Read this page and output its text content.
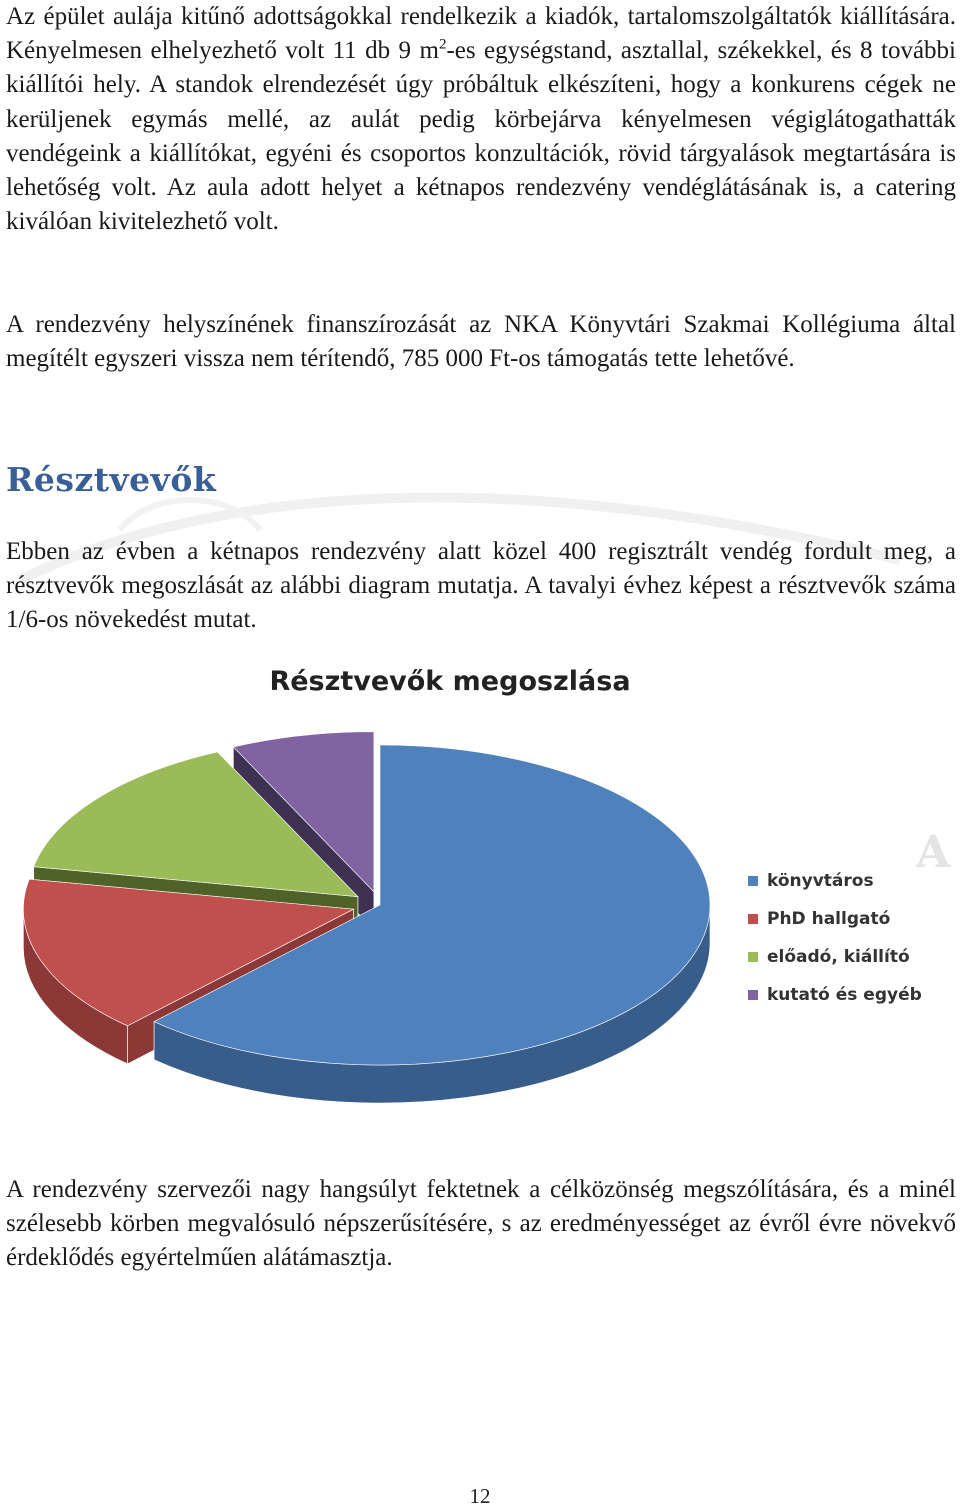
Az épület aulája kitűnő adottságokkal rendelkezik a kiadók, tartalomszolgáltatók kiállítására. Kényelmesen elhelyezhető volt 11 db 9 $m^2-es$ egységstand, asztallal, székekkel, és 8 további kiállítói hely. A standok elrendezését úgy próbáltuk elkészíteni, hogy a konkurens cégek ne kerüljenek egymás mellé, az aulát pedig körbejárva kényelmesen végiglátogathatták vendégeink a kiállítókat, egyéni és csoportos konzultációk, rövid tárgyalások megtartására is lehetőség volt. Az aula adott helyet a kétnapos rendezvény vendéglátásának is, a catering kiválóan kivitelezhető volt.

A rendezvény helyszínének finanszírozását az NKA Könyvtári Szakmai Kollégiuma által megítélt egyszeri vissza nem térítendő, 785 000 Ft-os támogatás tette lehetővé.

Résztvevők

Ebben az évben a kétnapos rendezvény alatt közel 400 regisztrált vendég fordult meg, a résztvevők megoszlását az alábbi diagram mutatja. A tavalyi évhez képest a résztvevők száma 1/6-os növekedést mutat.

Résztvevők megoszlása
könyvtáros
PhD hallgató
előadó, kiállító
kutató és egyéb
A

A rendezvény szervezői nagy hangsúlyt fektetnek a célközönség megszólítására, és a minél szélesebb körben megvalósuló népszerűsítésére, s az eredményességet az évről évre növekvő érdeklődés egyértelműen alátámasztja.

12
